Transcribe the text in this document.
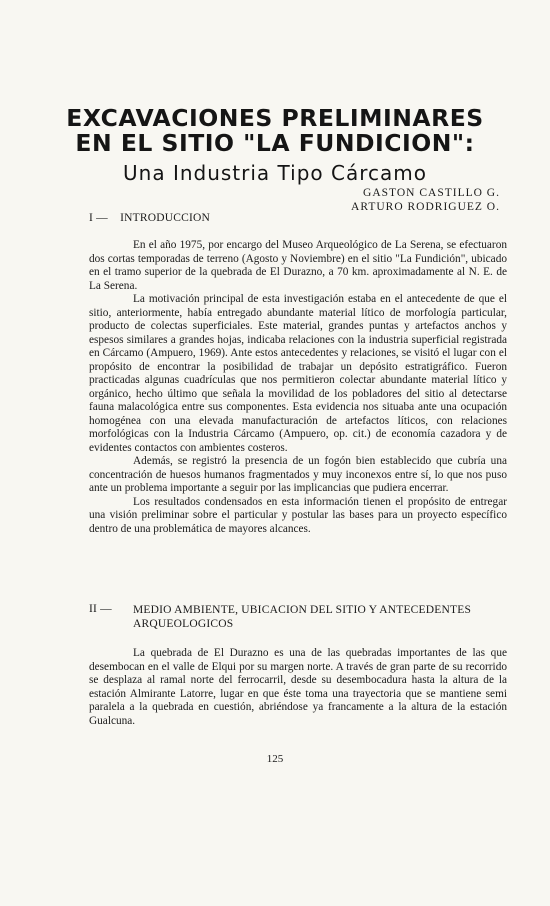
EXCAVACIONES PRELIMINARES
EN EL SITIO "LA FUNDICION":
Una Industria Tipo Cárcamo
GASTON CASTILLO G.
ARTURO RODRIGUEZ O.
I — INTRODUCCION

En el año 1975, por encargo del Museo Arqueológico de La Serena, se efectuaron dos cortas temporadas de terreno (Agosto y Noviembre) en el sitio "La Fundición", ubicado en el tramo superior de la quebrada de El Durazno, a 70 km. aproximadamente al N. E. de La Serena.

La motivación principal de esta investigación estaba en el antecedente de que el sitio, anteriormente, había entregado abundante material lítico de morfología particular, producto de colectas superficiales. Este material, grandes puntas y artefactos anchos y espesos similares a grandes hojas, indicaba relaciones con la industria superficial registrada en Cárcamo (Ampuero, 1969). Ante estos antecedentes y relaciones, se visitó el lugar con el propósito de encontrar la posibilidad de trabajar un depósito estratigráfico. Fueron practicadas algunas cuadrículas que nos permitieron colectar abundante material lítico y orgánico, hecho último que señala la movilidad de los pobladores del sitio al detectarse fauna malacológica entre sus componentes. Esta evidencia nos situaba ante una ocupación homogénea con una elevada manufacturación de artefactos líticos, con relaciones morfológicas con la Industria Cárcamo (Ampuero, op. cit.) de economía cazadora y de evidentes contactos con ambientes costeros.

Además, se registró la presencia de un fogón bien establecido que cubría una concentración de huesos humanos fragmentados y muy inconexos entre sí, lo que nos puso ante un problema importante a seguir por las implicancias que pudiera encerrar.

Los resultados condensados en esta información tienen el propósito de entregar una visión preliminar sobre el particular y postular las bases para un proyecto específico dentro de una problemática de mayores alcances.

II —	MEDIO AMBIENTE, UBICACION DEL SITIO Y ANTECEDENTES ARQUEOLOGICOS

La quebrada de El Durazno es una de las quebradas importantes de las que desembocan en el valle de Elqui por su margen norte. A través de gran parte de su recorrido se desplaza al ramal norte del ferrocarril, desde su desembocadura hasta la altura de la estación Almirante Latorre, lugar en que éste toma una trayectoria que se mantiene semi paralela a la quebrada en cuestión, abriéndose ya francamente a la altura de la estación Gualcuna.

125
